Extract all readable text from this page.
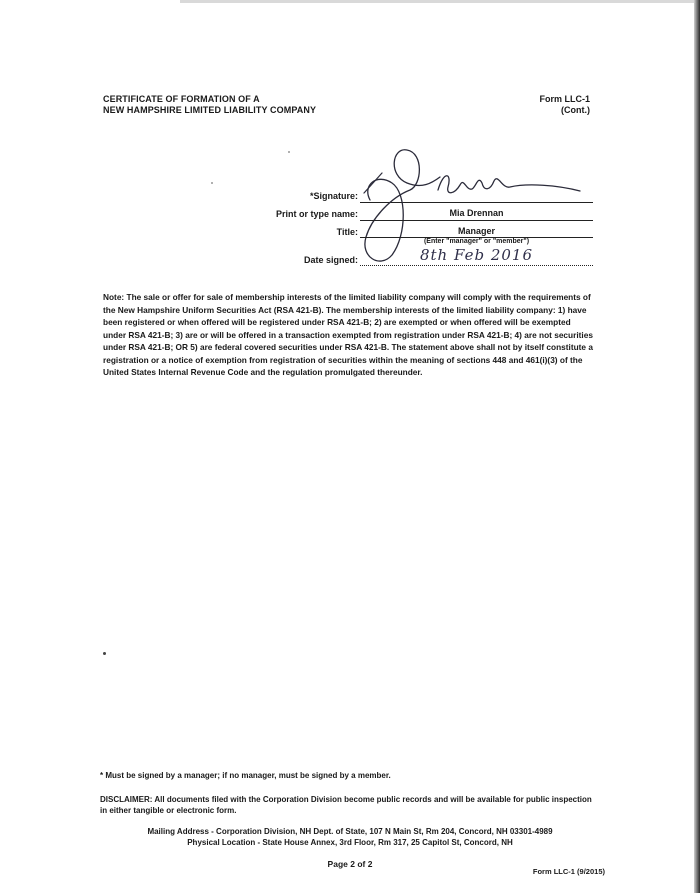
CERTIFICATE OF FORMATION OF A
NEW HAMPSHIRE LIMITED LIABILITY COMPANY
Form LLC-1
(Cont.)
*Signature:
Print or type name:	Mia Drennan
Title:	Manager
(Enter "manager" or "member")
Date signed:	8th Feb 2016
Note: The sale or offer for sale of membership interests of the limited liability company will comply with the requirements of the New Hampshire Uniform Securities Act (RSA 421-B). The membership interests of the limited liability company: 1) have been registered or when offered will be registered under RSA 421-B; 2) are exempted or when offered will be exempted under RSA 421-B; 3) are or will be offered in a transaction exempted from registration under RSA 421-B; 4) are not securities under RSA 421-B; OR 5) are federal covered securities under RSA 421-B. The statement above shall not by itself constitute a registration or a notice of exemption from registration of securities within the meaning of sections 448 and 461(i)(3) of the United States Internal Revenue Code and the regulation promulgated thereunder.
* Must be signed by a manager; if no manager, must be signed by a member.
DISCLAIMER: All documents filed with the Corporation Division become public records and will be available for public inspection in either tangible or electronic form.
Mailing Address - Corporation Division, NH Dept. of State, 107 N Main St, Rm 204, Concord, NH 03301-4989
Physical Location - State House Annex, 3rd Floor, Rm 317, 25 Capitol St, Concord, NH
Page 2 of 2
Form LLC-1 (9/2015)
